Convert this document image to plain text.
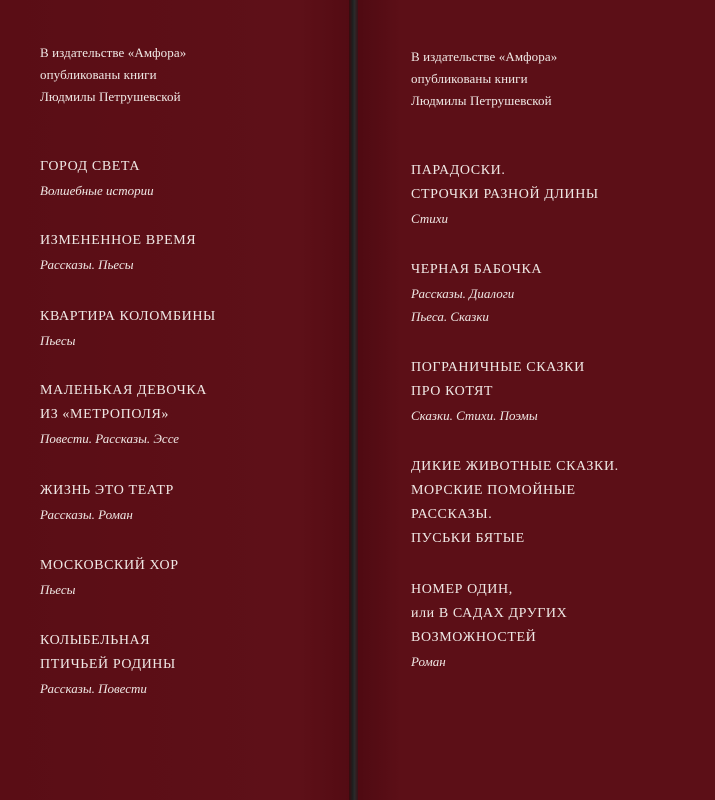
В издательстве «Амфора»
опубликованы книги
Людмилы Петрушевской
ГОРОД СВЕТА
Волшебные истории
ИЗМЕНЕННОЕ ВРЕМЯ
Рассказы. Пьесы
КВАРТИРА КОЛОМБИНЫ
Пьесы
МАЛЕНЬКАЯ ДЕВОЧКА
ИЗ «МЕТРОПОЛЯ»
Повести. Рассказы. Эссе
ЖИЗНЬ ЭТО ТЕАТР
Рассказы. Роман
МОСКОВСКИЙ ХОР
Пьесы
КОЛЫБЕЛЬНАЯ
ПТИЧЬЕЙ РОДИНЫ
Рассказы. Повести
В издательстве «Амфора»
опубликованы книги
Людмилы Петрушевской
ПАРАДОСКИ.
СТРОЧКИ РАЗНОЙ ДЛИНЫ
Стихи
ЧЕРНАЯ БАБОЧКА
Рассказы. Диалоги
Пьеса. Сказки
ПОГРАНИЧНЫЕ СКАЗКИ
ПРО КОТЯТ
Сказки. Стихи. Поэмы
ДИКИЕ ЖИВОТНЫЕ СКАЗКИ.
МОРСКИЕ ПОМОЙНЫЕ
РАССКАЗЫ.
ПУСЬКИ БЯТЫЕ
НОМЕР ОДИН,
или В САДАХ ДРУГИХ
ВОЗМОЖНОСТЕЙ
Роман
